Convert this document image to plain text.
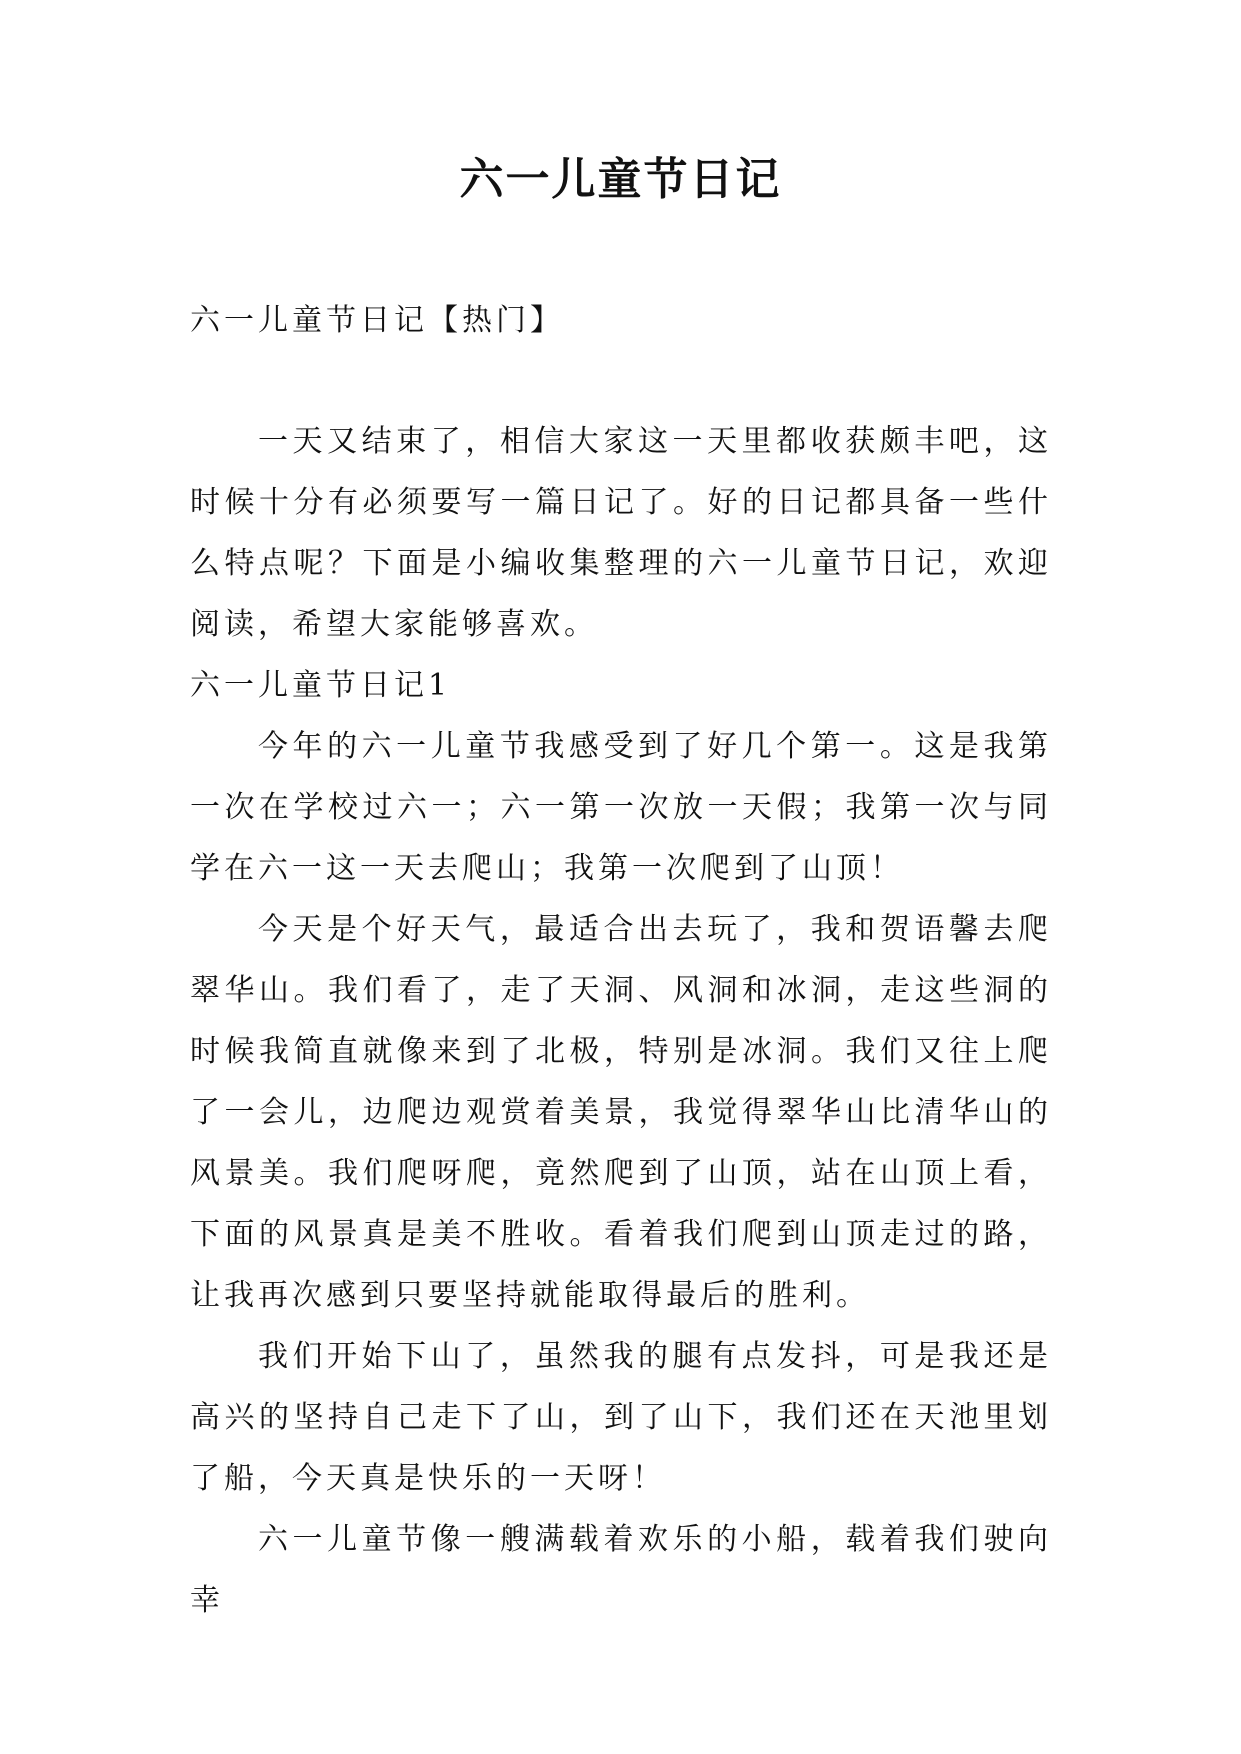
六一儿童节日记
六一儿童节日记【热门】

一天又结束了，相信大家这一天里都收获颇丰吧，这时候十分有必须要写一篇日记了。好的日记都具备一些什么特点呢？下面是小编收集整理的六一儿童节日记，欢迎阅读，希望大家能够喜欢。

六一儿童节日记1

今年的六一儿童节我感受到了好几个第一。这是我第一次在学校过六一；六一第一次放一天假；我第一次与同学在六一这一天去爬山；我第一次爬到了山顶！

今天是个好天气，最适合出去玩了，我和贺语馨去爬翠华山。我们看了，走了天洞、风洞和冰洞，走这些洞的时候我简直就像来到了北极，特别是冰洞。我们又往上爬了一会儿，边爬边观赏着美景，我觉得翠华山比清华山的风景美。我们爬呀爬，竟然爬到了山顶，站在山顶上看，下面的风景真是美不胜收。看着我们爬到山顶走过的路，让我再次感到只要坚持就能取得最后的胜利。

我们开始下山了，虽然我的腿有点发抖，可是我还是高兴的坚持自己走下了山，到了山下，我们还在天池里划了船，今天真是快乐的一天呀！

六一儿童节像一艘满载着欢乐的小船，载着我们驶向幸
